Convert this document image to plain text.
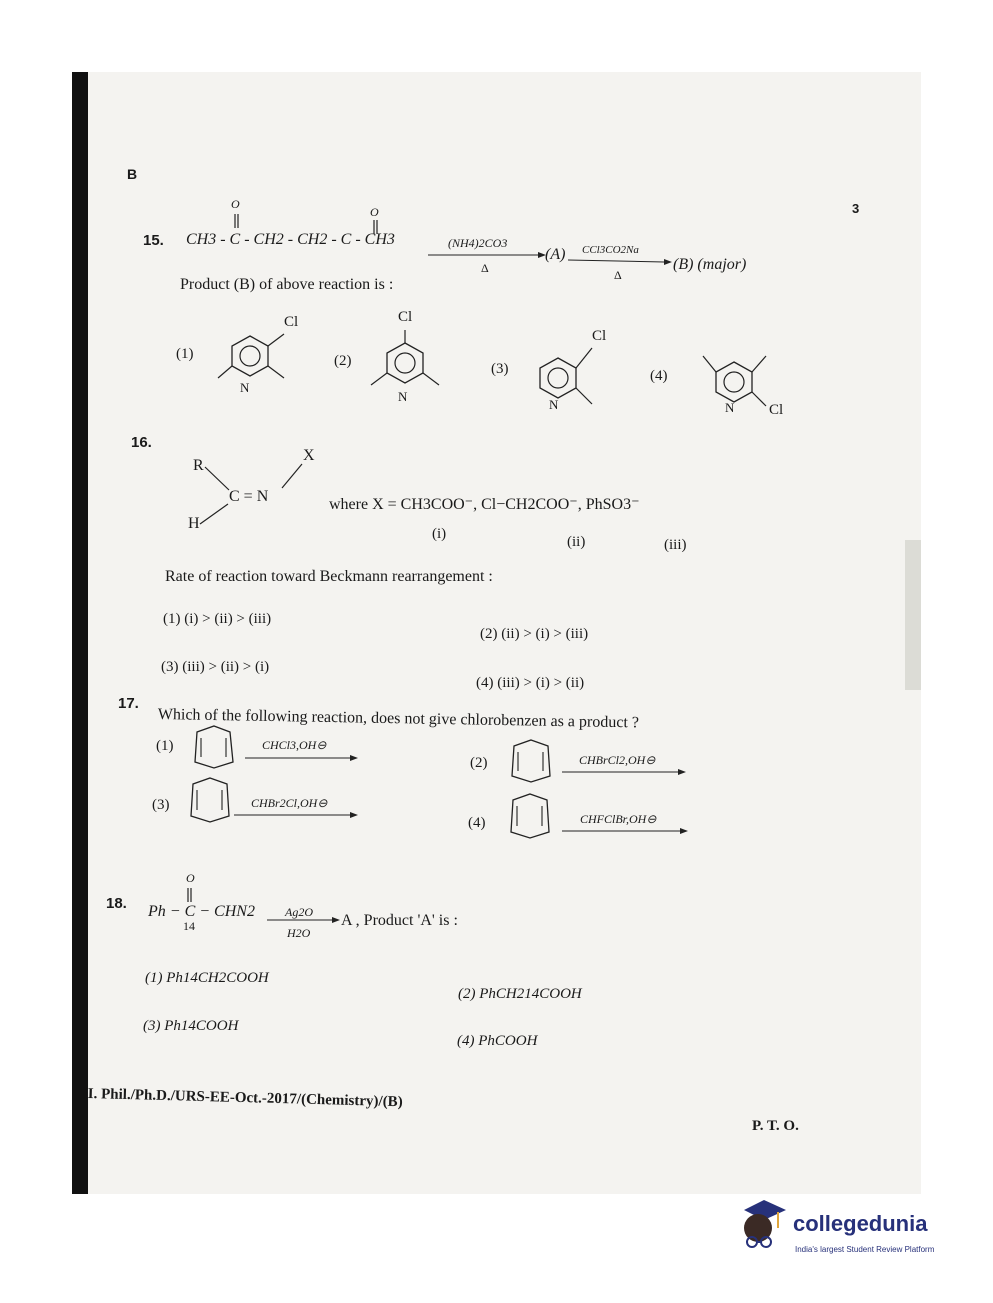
B
3
15. CH3 - C - CH2 - CH2 - C - CH3
O
O
(NH4)2CO3
Δ
(A) CCl3CO2Na
Δ
(B) (major)
Product (B) of above reaction is :
(1)	(2)	(3)	(4)
Cl
N
Cl
N
Cl
N	N Cl
16.
R
H
X
C = N	where X = CH3COO⁻, Cl−CH2COO⁻, PhSO3⁻
(i)	(ii)	(iii)
Rate of reaction toward Beckmann rearrangement :
(1) (i) > (ii) > (iii)
(2) (ii) > (i) > (iii)
(3) (iii) > (ii) > (i)
(4) (iii) > (i) > (ii)
17.
Which of the following reaction, does not give chlorobenzen as a product ?
(1)
(2)
(3)
(4)
CHCl3,OH⊖
CHBrCl2,OH⊖
CHBr2Cl,OH⊖
CHFClBr,OH⊖
18.
O
Ph − C − CHN2
14
Ag2O
H2O
A , Product 'A' is :
(1) Ph14CH2COOH
(2) PhCH214COOH
(3) Ph14COOH
(4) PhCOOH
I. Phil./Ph.D./URS-EE-Oct.-2017/(Chemistry)/(B)
P. T. O.
collegedunia
India's largest Student Review Platform
